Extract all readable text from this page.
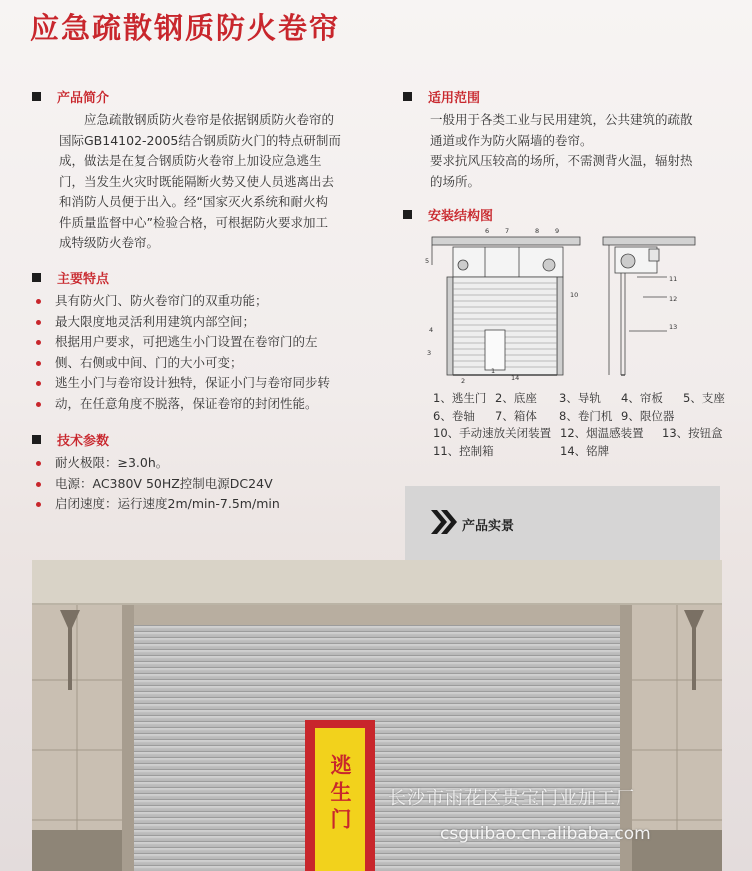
应急疏散钢质防火卷帘
产品简介

应急疏散钢质防火卷帘是依据钢质防火卷帘的

国际GB14102-2005结合钢质防火门的特点研制而

成，做法是在复合钢质防火卷帘上加设应急逃生

门，当发生火灾时既能隔断火势又使人员逃离出去

和消防人员便于出入。经“国家灭火系统和耐火构

件质量监督中心”检验合格，可根据防火要求加工

成特级防火卷帘。

主要特点
具有防火门、防火卷帘门的双重功能；
最大限度地灵活利用建筑内部空间；
根据用户要求，可把逃生小门设置在卷帘门的左
侧、右侧或中间、门的大小可变；
逃生小门与卷帘设计独特，保证小门与卷帘同步转
动，在任意角度不脱落，保证卷帘的封闭性能。
技术参数
耐火极限：≥3.0h。
电源：AC380V 50HZ控制电源DC24V
启闭速度：运行速度2m/min-7.5m/min
适用范围

一般用于各类工业与民用建筑，公共建筑的疏散

通道或作为防火隔墙的卷帘。

要求抗风压较高的场所，不需测背火温，辐射热

的场所。

安装结构图
6 7	8 9
5
4
3
2
1
14
10
11
12
13
1、逃生门 2、底座	3、导轨	4、帘板	5、支座
6、卷轴	7、箱体	8、卷门机 9、限位器
10、手动速放关闭装置 12、烟温感装置	13、按钮盒
11、控制箱	14、铭牌
产品实景
逃生门 长沙市雨花区贵宝门业加工厂
csguibao.cn.alibaba.com
